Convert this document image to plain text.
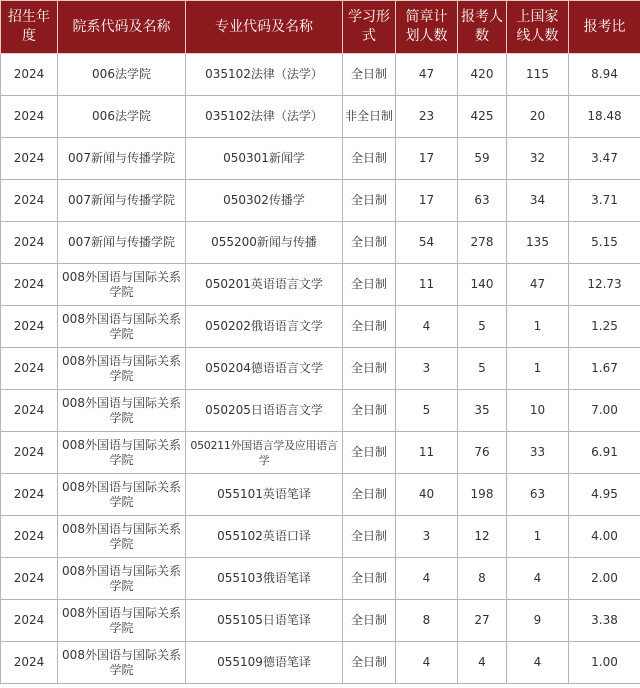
招生年度	院系代码及名称	专业代码及名称	学习形式	简章计划人数	报考人数	上国家线人数	报考比
2024	006法学院	035102法律（法学）	全日制	47	420	115	8.94
2024	006法学院	035102法律（法学）	非全日制	23	425	20	18.48
2024	007新闻与传播学院	050301新闻学	全日制	17	59	32	3.47
2024	007新闻与传播学院	050302传播学	全日制	17	63	34	3.71
2024	007新闻与传播学院	055200新闻与传播	全日制	54	278	135	5.15
2024	008外国语与国际关系学院	050201英语语言文学	全日制	11	140	47	12.73
2024	008外国语与国际关系学院	050202俄语语言文学	全日制	4	5	1	1.25
2024	008外国语与国际关系学院	050204德语语言文学	全日制	3	5	1	1.67
2024	008外国语与国际关系学院	050205日语语言文学	全日制	5	35	10	7.00
2024	008外国语与国际关系学院	050211外国语言学及应用语言学	全日制	11	76	33	6.91
2024	008外国语与国际关系学院	055101英语笔译	全日制	40	198	63	4.95
2024	008外国语与国际关系学院	055102英语口译	全日制	3	12	1	4.00
2024	008外国语与国际关系学院	055103俄语笔译	全日制	4	8	4	2.00
2024	008外国语与国际关系学院	055105日语笔译	全日制	8	27	9	3.38
2024	008外国语与国际关系学院	055109德语笔译	全日制	4	4	4	1.00
